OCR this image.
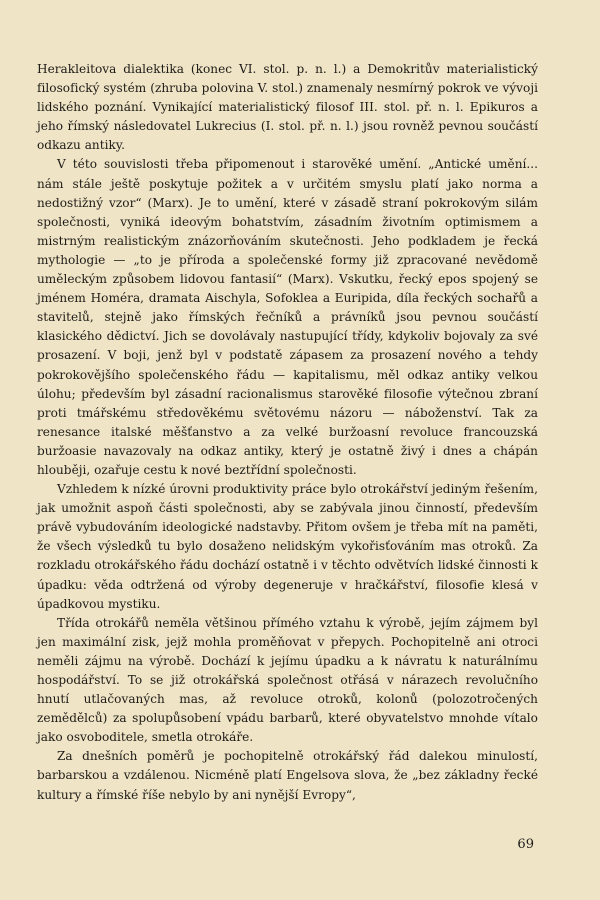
Herakleitova dialektika (konec VI. stol. p. n. l.) a Demokritův materialistický filosofický systém (zhruba polovina V. stol.) znamenaly nesmírný pokrok ve vývoji lidského poznání. Vynikající materialistický filosof III. stol. př. n. l. Epikuros a jeho římský následovatel Lukrecius (I. stol. př. n. l.) jsou rovněž pevnou součástí odkazu antiky.

V této souvislosti třeba připomenout i starověké umění. „Antické umění... nám stále ještě poskytuje požitek a v určitém smyslu platí jako norma a nedostižný vzor“ (Marx). Je to umění, které v zásadě straní pokrokovým silám společnosti, vyniká ideovým bohatstvím, zásadním životním optimismem a mistrným realistickým znázorňováním skutečnosti. Jeho podkladem je řecká mythologie — „to je příroda a společenské formy již zpracované nevědomě uměleckým způsobem lidovou fantasií“ (Marx). Vskutku, řecký epos spojený se jménem Homéra, dramata Aischyla, Sofoklea a Euripida, díla řeckých sochařů a stavitelů, stejně jako římských řečníků a právníků jsou pevnou součástí klasického dědictví. Jich se dovolávaly nastupující třídy, kdykoliv bojovaly za své prosazení. V boji, jenž byl v podstatě zápasem za prosazení nového a tehdy pokrokovějšího společenského řádu — kapitalismu, měl odkaz antiky velkou úlohu; především byl zásadní racionalismus starověké filosofie výtečnou zbraní proti tmářskému středověkému světovému názoru — náboženství. Tak za renesance italské měšťanstvo a za velké buržoasní revoluce francouzská buržoasie navazovaly na odkaz antiky, který je ostatně živý i dnes a chápán hlouběji, ozařuje cestu k nové beztřídní společnosti.

Vzhledem k nízké úrovni produktivity práce bylo otrokářství jediným řešením, jak umožnit aspoň části společnosti, aby se zabývala jinou činností, především právě vybudováním ideologické nadstavby. Přitom ovšem je třeba mít na paměti, že všech výsledků tu bylo dosaženo nelidským vykořisťováním mas otroků. Za rozkladu otrokářského řádu dochází ostatně i v těchto odvětvích lidské činnosti k úpadku: věda odtržená od výroby degeneruje v hračkářství, filosofie klesá v úpadkovou mystiku.

Třída otrokářů neměla většinou přímého vztahu k výrobě, jejím zájmem byl jen maximální zisk, jejž mohla proměňovat v přepych. Pochopitelně ani otroci neměli zájmu na výrobě. Dochází k jejímu úpadku a k návratu k naturálnímu hospodářství. To se již otrokářská společnost otřásá v nárazech revolučního hnutí utlačovaných mas, až revoluce otroků, kolonů (polozotročených zemědělců) za spolupůsobení vpádu barbarů, které obyvatelstvo mnohde vítalo jako osvoboditele, smetla otrokáře.

Za dnešních poměrů je pochopitelně otrokářský řád dalekou minulostí, barbarskou a vzdálenou. Nicméně platí Engelsova slova, že „bez základny řecké kultury a římské říše nebylo by ani nynější Evropy“,

69
